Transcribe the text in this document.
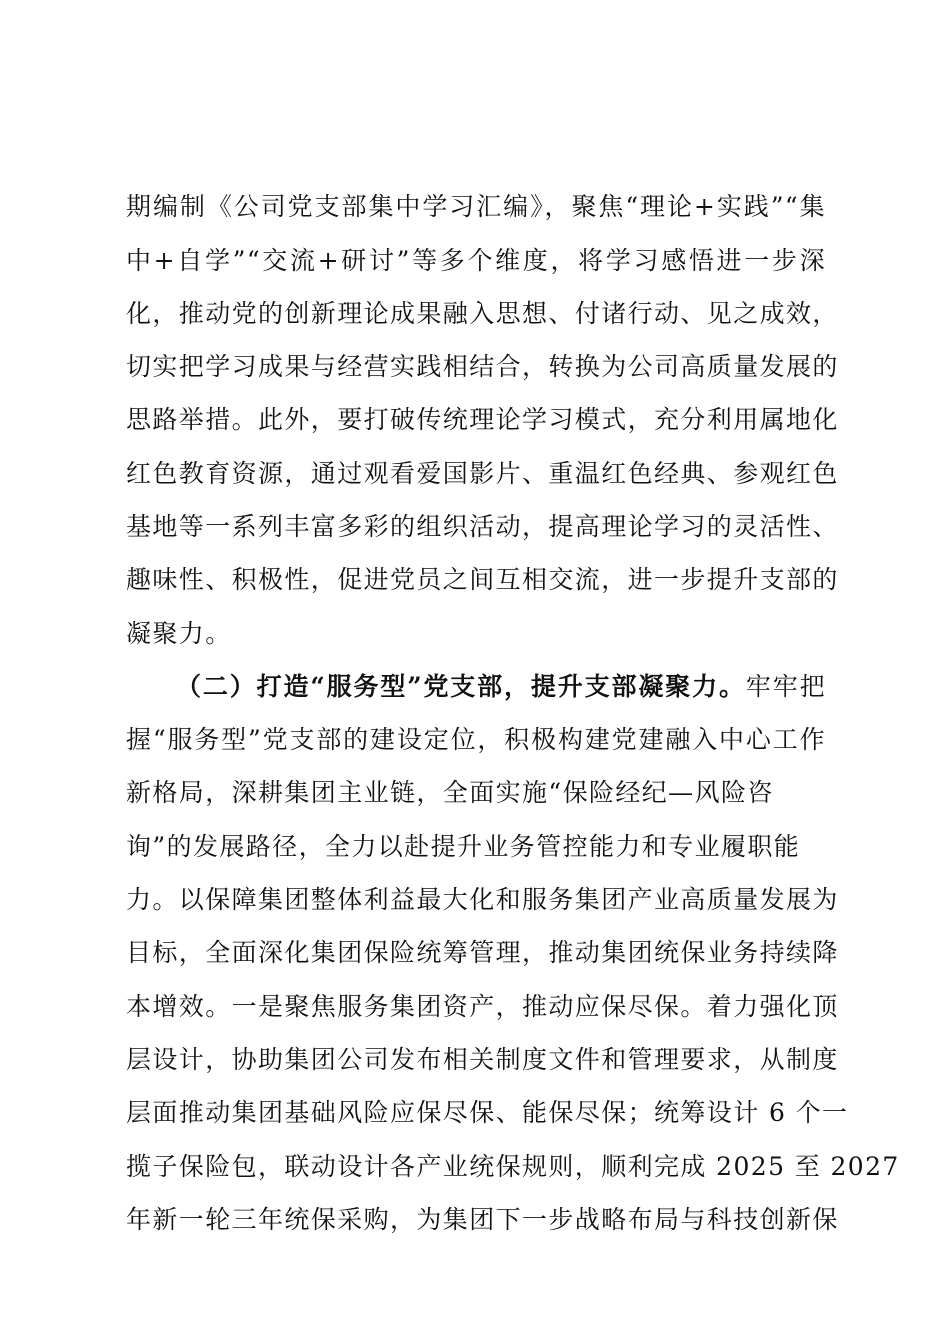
期编制《公司党支部集中学习汇编》，聚焦“理论+实践”“集
中+自学”“交流+研讨”等多个维度，将学习感悟进一步深
化，推动党的创新理论成果融入思想、付诸行动、见之成效，
切实把学习成果与经营实践相结合，转换为公司高质量发展的
思路举措。此外，要打破传统理论学习模式，充分利用属地化
红色教育资源，通过观看爱国影片、重温红色经典、参观红色
基地等一系列丰富多彩的组织活动，提高理论学习的灵活性、
趣味性、积极性，促进党员之间互相交流，进一步提升支部的
凝聚力。
（二）打造“服务型”党支部，提升支部凝聚力。牢牢把
握“服务型”党支部的建设定位，积极构建党建融入中心工作
新格局，深耕集团主业链，全面实施“保险经纪—风险咨
询”的发展路径，全力以赴提升业务管控能力和专业履职能
力。以保障集团整体利益最大化和服务集团产业高质量发展为
目标，全面深化集团保险统筹管理，推动集团统保业务持续降
本增效。一是聚焦服务集团资产，推动应保尽保。着力强化顶
层设计，协助集团公司发布相关制度文件和管理要求，从制度
层面推动集团基础风险应保尽保、能保尽保；统筹设计 6 个一
揽子保险包，联动设计各产业统保规则，顺利完成 2025 至 2027
年新一轮三年统保采购，为集团下一步战略布局与科技创新保
